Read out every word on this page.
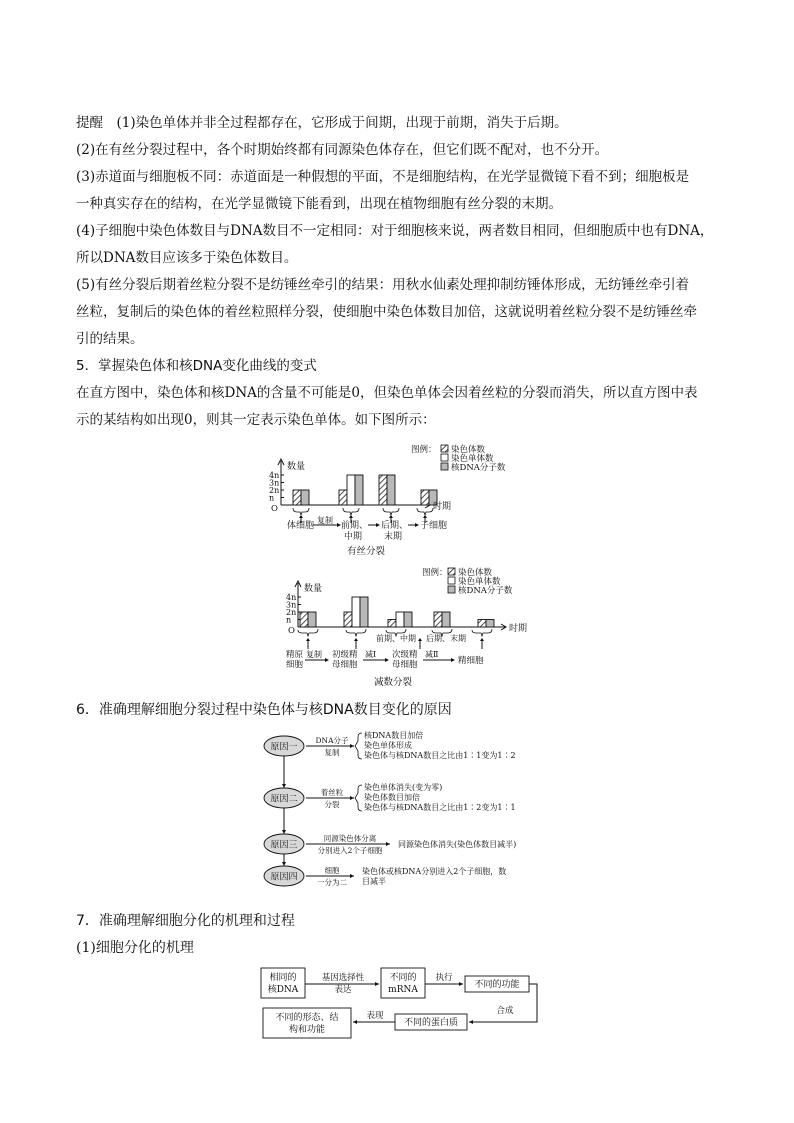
提醒　(1)染色单体并非全过程都存在，它形成于间期，出现于前期，消失于后期。

(2)在有丝分裂过程中，各个时期始终都有同源染色体存在，但它们既不配对，也不分开。

(3)赤道面与细胞板不同：赤道面是一种假想的平面，不是细胞结构，在光学显微镜下看不到；细胞板是

一种真实存在的结构，在光学显微镜下能看到，出现在植物细胞有丝分裂的末期。

(4)子细胞中染色体数目与DNA数目不一定相同：对于细胞核来说，两者数目相同，但细胞质中也有DNA，

所以DNA数目应该多于染色体数目。

(5)有丝分裂后期着丝粒分裂不是纺锤丝牵引的结果：用秋水仙素处理抑制纺锤体形成，无纺锤丝牵引着

丝粒，复制后的染色体的着丝粒照样分裂，使细胞中染色体数目加倍，这就说明着丝粒分裂不是纺锤丝牵

引的结果。

5．掌握染色体和核DNA变化曲线的变式

在直方图中，染色体和核DNA的含量不可能是0，但染色单体会因着丝粒的分裂而消失，所以直方图中表

示的某结构如出现0，则其一定表示染色单体。如下图所示：

数量
O	时期
4n
3n
2n
n
图例： 染色体数
染色单体数
核DNA分子数
体细胞
复制
前期、
中期
后期、
末期
子细胞
有丝分裂
数量
O	时期
4n
3n
2n
n
图例： 染色体数
染色单体数
核DNA分子数
前期、中期 后期、末期
精原
细胞
复制 初级精
母细胞
减Ⅰ 次级精
母细胞
减Ⅱ
精细胞
减数分裂
6．准确理解细胞分裂过程中染色体与核DNA数目变化的原因
原因一
DNA分子
复制
核DNA数目加倍
染色单体形成
染色体与核DNA数目之比由1∶1变为1∶2
原因二
着丝粒
分裂
染色单体消失(变为零)
染色体数目加倍
染色体与核DNA数目之比由1∶2变为1∶1
原因三
同源染色体分离
分别进入2个子细胞
同源染色体消失(染色体数目减半)
原因四
细胞
一分为二
染色体或核DNA分别进入2个子细胞，数
目减半
7．准确理解细胞分化的机理和过程
(1)细胞分化的机理
相同的
核DNA
基因选择性
表达
不同的
mRNA
执行
不同的功能
合成
不同的蛋白质
表现
不同的形态、结
构和功能
